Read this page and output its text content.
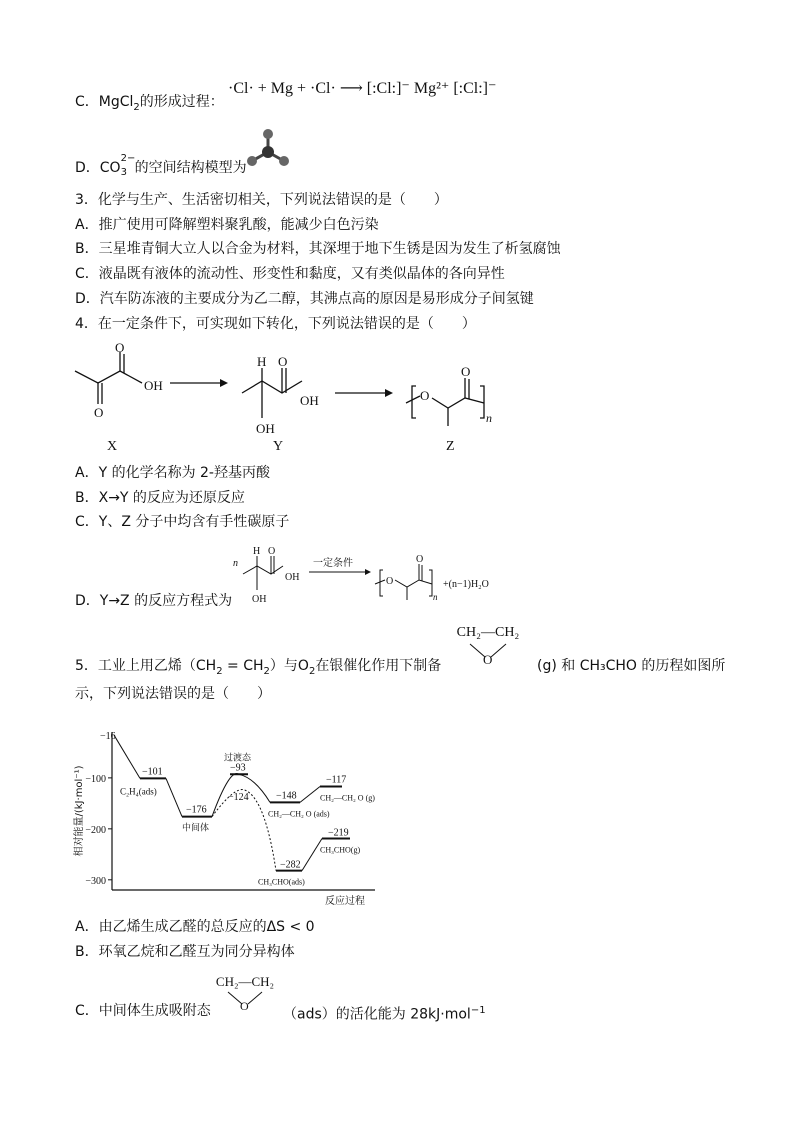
C．MgCl$_2$的形成过程：
·Cl· + Mg + ·Cl· ⟶ [:Cl:]⁻ Mg²⁺ [:Cl:]⁻
D．CO
2−
3 的空间结构模型为
3．化学与生产、生活密切相关，下列说法错误的是（　　）
A．推广使用可降解塑料聚乳酸，能减少白色污染
B．三星堆青铜大立人以合金为材料，其深埋于地下生锈是因为发生了析氢腐蚀
C．液晶既有液体的流动性、形变性和黏度，又有类似晶体的各向异性
D．汽车防冻液的主要成分为乙二醇，其沸点高的原因是易形成分子间氢键
4．在一定条件下，可实现如下转化，下列说法错误的是（　　）
O
O
OH
X
H O
OH
OH
Y
O
O
n
Z
A．Y 的化学名称为 2-羟基丙酸
B．X→Y 的反应为还原反应
C．Y、Z 分子中均含有手性碳原子
D．Y→Z 的反应方程式为
n
H O
OH
OH
一定条件
O
O
n
+(n−1)H₂O
5．工业上用乙烯$(CH_2 = CH_2)$与$O_2$在银催化作用下制备
CH₂—CH₂
O	(g) 和 CH₃CHO 的历程如图所
示，下列说法错误的是（　　）
−100
−200
−300
相对能量/(kJ·mol⁻¹)
反应过程
−16
−101
−176
−93
−124	−148
−117
−282
−219
C₂H₄(ads)
中间体
过渡态
CH₂—CH₂ O (ads)
CH₂—CH₂ O (g)
CH₃CHO(ads)
CH₃CHO(g)
A．由乙烯生成乙醛的总反应的ΔS < 0
B．环氧乙烷和乙醛互为同分异构体
C．中间体生成吸附态
CH₂—CH₂
O
（ads）的活化能为 28kJ·mol$^{-1}$
